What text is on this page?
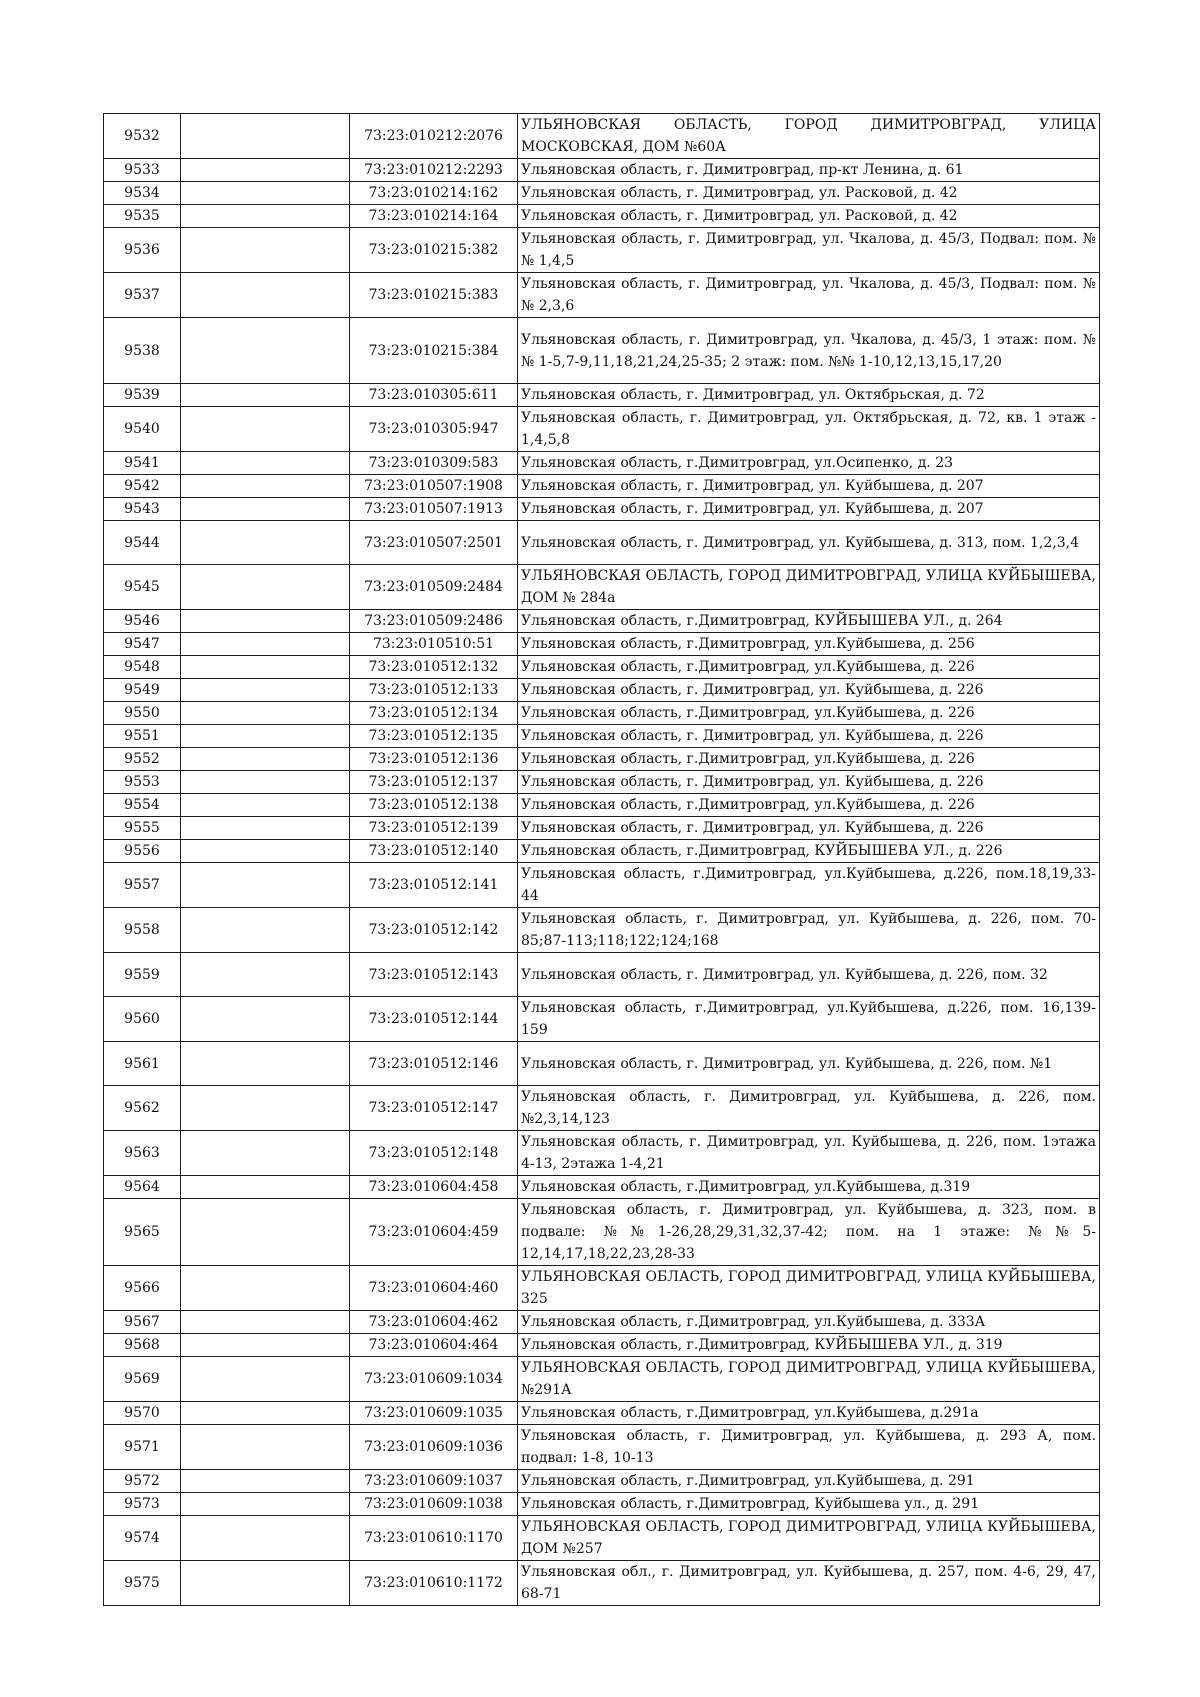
9532		73:23:010212:2076	УЛЬЯНОВСКАЯ ОБЛАСТЬ, ГОРОД ДИМИТРОВГРАД, УЛИЦА МОСКОВСКАЯ, ДОМ №60А
9533		73:23:010212:2293	Ульяновская область, г. Димитровград, пр-кт Ленина, д. 61
9534		73:23:010214:162	Ульяновская область, г. Димитровград, ул. Расковой, д. 42
9535		73:23:010214:164	Ульяновская область, г. Димитровград, ул. Расковой, д. 42
9536		73:23:010215:382	Ульяновская область, г. Димитровград, ул. Чкалова, д. 45/3, Подвал: пом. №№ 1,4,5
9537		73:23:010215:383	Ульяновская область, г. Димитровград, ул. Чкалова, д. 45/3, Подвал: пом. №№ 2,3,6
9538		73:23:010215:384	Ульяновская область, г. Димитровград, ул. Чкалова, д. 45/3, 1 этаж: пом. №№ 1-5,7-9,11,18,21,24,25-35; 2 этаж: пом. №№ 1-10,12,13,15,17,20
9539		73:23:010305:611	Ульяновская область, г. Димитровград, ул. Октябрьская, д. 72
9540		73:23:010305:947	Ульяновская область, г. Димитровград, ул. Октябрьская, д. 72, кв. 1 этаж - 1,4,5,8
9541		73:23:010309:583	Ульяновская область, г.Димитровград, ул.Осипенко, д. 23
9542		73:23:010507:1908	Ульяновская область, г. Димитровград, ул. Куйбышева, д. 207
9543		73:23:010507:1913	Ульяновская область, г. Димитровград, ул. Куйбышева, д. 207
9544		73:23:010507:2501	Ульяновская область, г. Димитровград, ул. Куйбышева, д. 313, пом. 1,2,3,4
9545		73:23:010509:2484	УЛЬЯНОВСКАЯ ОБЛАСТЬ, ГОРОД ДИМИТРОВГРАД, УЛИЦА КУЙБЫШЕВА, ДОМ № 284а
9546		73:23:010509:2486	Ульяновская область, г.Димитровград, КУЙБЫШЕВА УЛ., д. 264
9547		73:23:010510:51	Ульяновская область, г.Димитровград, ул.Куйбышева, д. 256
9548		73:23:010512:132	Ульяновская область, г.Димитровград, ул.Куйбышева, д. 226
9549		73:23:010512:133	Ульяновская область, г. Димитровград, ул. Куйбышева, д. 226
9550		73:23:010512:134	Ульяновская область, г.Димитровград, ул.Куйбышева, д. 226
9551		73:23:010512:135	Ульяновская область, г. Димитровград, ул. Куйбышева, д. 226
9552		73:23:010512:136	Ульяновская область, г.Димитровград, ул.Куйбышева, д. 226
9553		73:23:010512:137	Ульяновская область, г. Димитровград, ул. Куйбышева, д. 226
9554		73:23:010512:138	Ульяновская область, г.Димитровград, ул.Куйбышева, д. 226
9555		73:23:010512:139	Ульяновская область, г. Димитровград, ул. Куйбышева, д. 226
9556		73:23:010512:140	Ульяновская область, г.Димитровград, КУЙБЫШЕВА УЛ., д. 226
9557		73:23:010512:141	Ульяновская область, г.Димитровград, ул.Куйбышева, д.226, пом.18,19,33-44
9558		73:23:010512:142	Ульяновская область, г. Димитровград, ул. Куйбышева, д. 226, пом. 70-85;87-113;118;122;124;168
9559		73:23:010512:143	Ульяновская область, г. Димитровград, ул. Куйбышева, д. 226, пом. 32
9560		73:23:010512:144	Ульяновская область, г.Димитровград, ул.Куйбышева, д.226, пом. 16,139-159
9561		73:23:010512:146	Ульяновская область, г. Димитровград, ул. Куйбышева, д. 226, пом. №1
9562		73:23:010512:147	Ульяновская область, г. Димитровград, ул. Куйбышева, д. 226, пом. №2,3,14,123
9563		73:23:010512:148	Ульяновская область, г. Димитровград, ул. Куйбышева, д. 226, пом. 1этажа 4-13, 2этажа 1-4,21
9564		73:23:010604:458	Ульяновская область, г.Димитровград, ул.Куйбышева, д.319
9565		73:23:010604:459	Ульяновская область, г. Димитровград, ул. Куйбышева, д. 323, пом. в подвале: №№1-26,28,29,31,32,37-42; пом. на 1 этаже: №№5-12,14,17,18,22,23,28-33
9566		73:23:010604:460	УЛЬЯНОВСКАЯ ОБЛАСТЬ, ГОРОД ДИМИТРОВГРАД, УЛИЦА КУЙБЫШЕВА, 325
9567		73:23:010604:462	Ульяновская область, г.Димитровград, ул.Куйбышева, д. 333А
9568		73:23:010604:464	Ульяновская область, г.Димитровград, КУЙБЫШЕВА УЛ., д. 319
9569		73:23:010609:1034	УЛЬЯНОВСКАЯ ОБЛАСТЬ, ГОРОД ДИМИТРОВГРАД, УЛИЦА КУЙБЫШЕВА, №291А
9570		73:23:010609:1035	Ульяновская область, г.Димитровград, ул.Куйбышева, д.291а
9571		73:23:010609:1036	Ульяновская область, г. Димитровград, ул. Куйбышева, д. 293 А, пом. подвал: 1-8, 10-13
9572		73:23:010609:1037	Ульяновская область, г.Димитровград, ул.Куйбышева, д. 291
9573		73:23:010609:1038	Ульяновская область, г.Димитровград, Куйбышева ул., д. 291
9574		73:23:010610:1170	УЛЬЯНОВСКАЯ ОБЛАСТЬ, ГОРОД ДИМИТРОВГРАД, УЛИЦА КУЙБЫШЕВА, ДОМ №257
9575		73:23:010610:1172	Ульяновская обл., г. Димитровград, ул. Куйбышева, д. 257, пом. 4-6, 29, 47, 68-71
